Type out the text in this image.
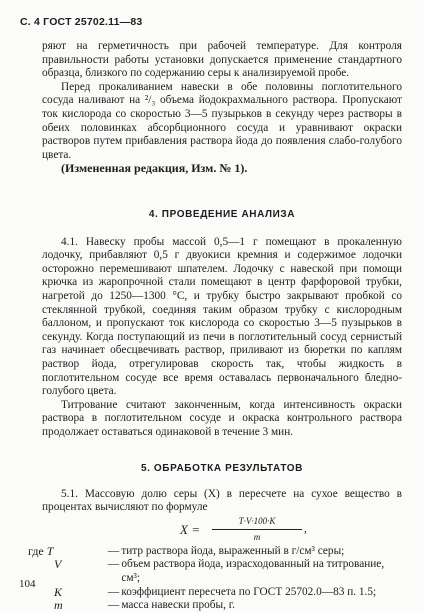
С. 4 ГОСТ 25702.11—83

ряют на герметичность при рабочей температуре. Для контроля правильности работы установки допускается применение стандартного образца, близкого по содержанию серы к анализируемой пробе.

Перед прокаливанием навески в обе половины поглотительного сосуда наливают на ²/₃ объема йодокрахмального раствора. Пропускают ток кислорода со скоростью 3—5 пузырьков в секунду через растворы в обеих половинках абсорбционного сосуда и уравнивают окраски растворов путем прибавления раствора йода до появления слабо-голубого цвета.

(Измененная редакция, Изм. № 1).

4. ПРОВЕДЕНИЕ АНАЛИЗА

4.1. Навеску пробы массой 0,5—1 г помещают в прокаленную лодочку, прибавляют 0,5 г двуокиси кремния и содержимое лодочки осторожно перемешивают шпателем. Лодочку с навеской при помощи крючка из жаропрочной стали помещают в центр фарфоровой трубки, нагретой до 1250—1300 °С, и трубку быстро закрывают пробкой со стеклянной трубкой, соединяя таким образом трубку с кислородным баллоном, и пропускают ток кислорода со скоростью 3—5 пузырьков в секунду. Когда поступающий из печи в поглотительный сосуд сернистый газ начинает обесцвечивать раствор, приливают из бюретки по каплям раствор йода, отрегулировав скорость так, чтобы жидкость в поглотительном сосуде все время оставалась первоначального бледно-голубого цвета.

Титрование считают законченным, когда интенсивность окраски раствора в поглотительном сосуде и окраска контрольного раствора продолжает оставаться одинаковой в течение 3 мин.

5. ОБРАБОТКА РЕЗУЛЬТАТОВ

5.1. Массовую долю серы (X) в пересчете на сухое вещество в процентах вычисляют по формуле

$X = \frac{T\cdot V\cdot 100\cdot K}{m}$ ,
где T	—	титр раствора йода, выраженный в г/см³ серы;
V	—	объем раствора йода, израсходованный на титрование, см³;
K	—	коэффициент пересчета по ГОСТ 25702.0—83 п. 1.5;
m	—	масса навески пробы, г.
104
